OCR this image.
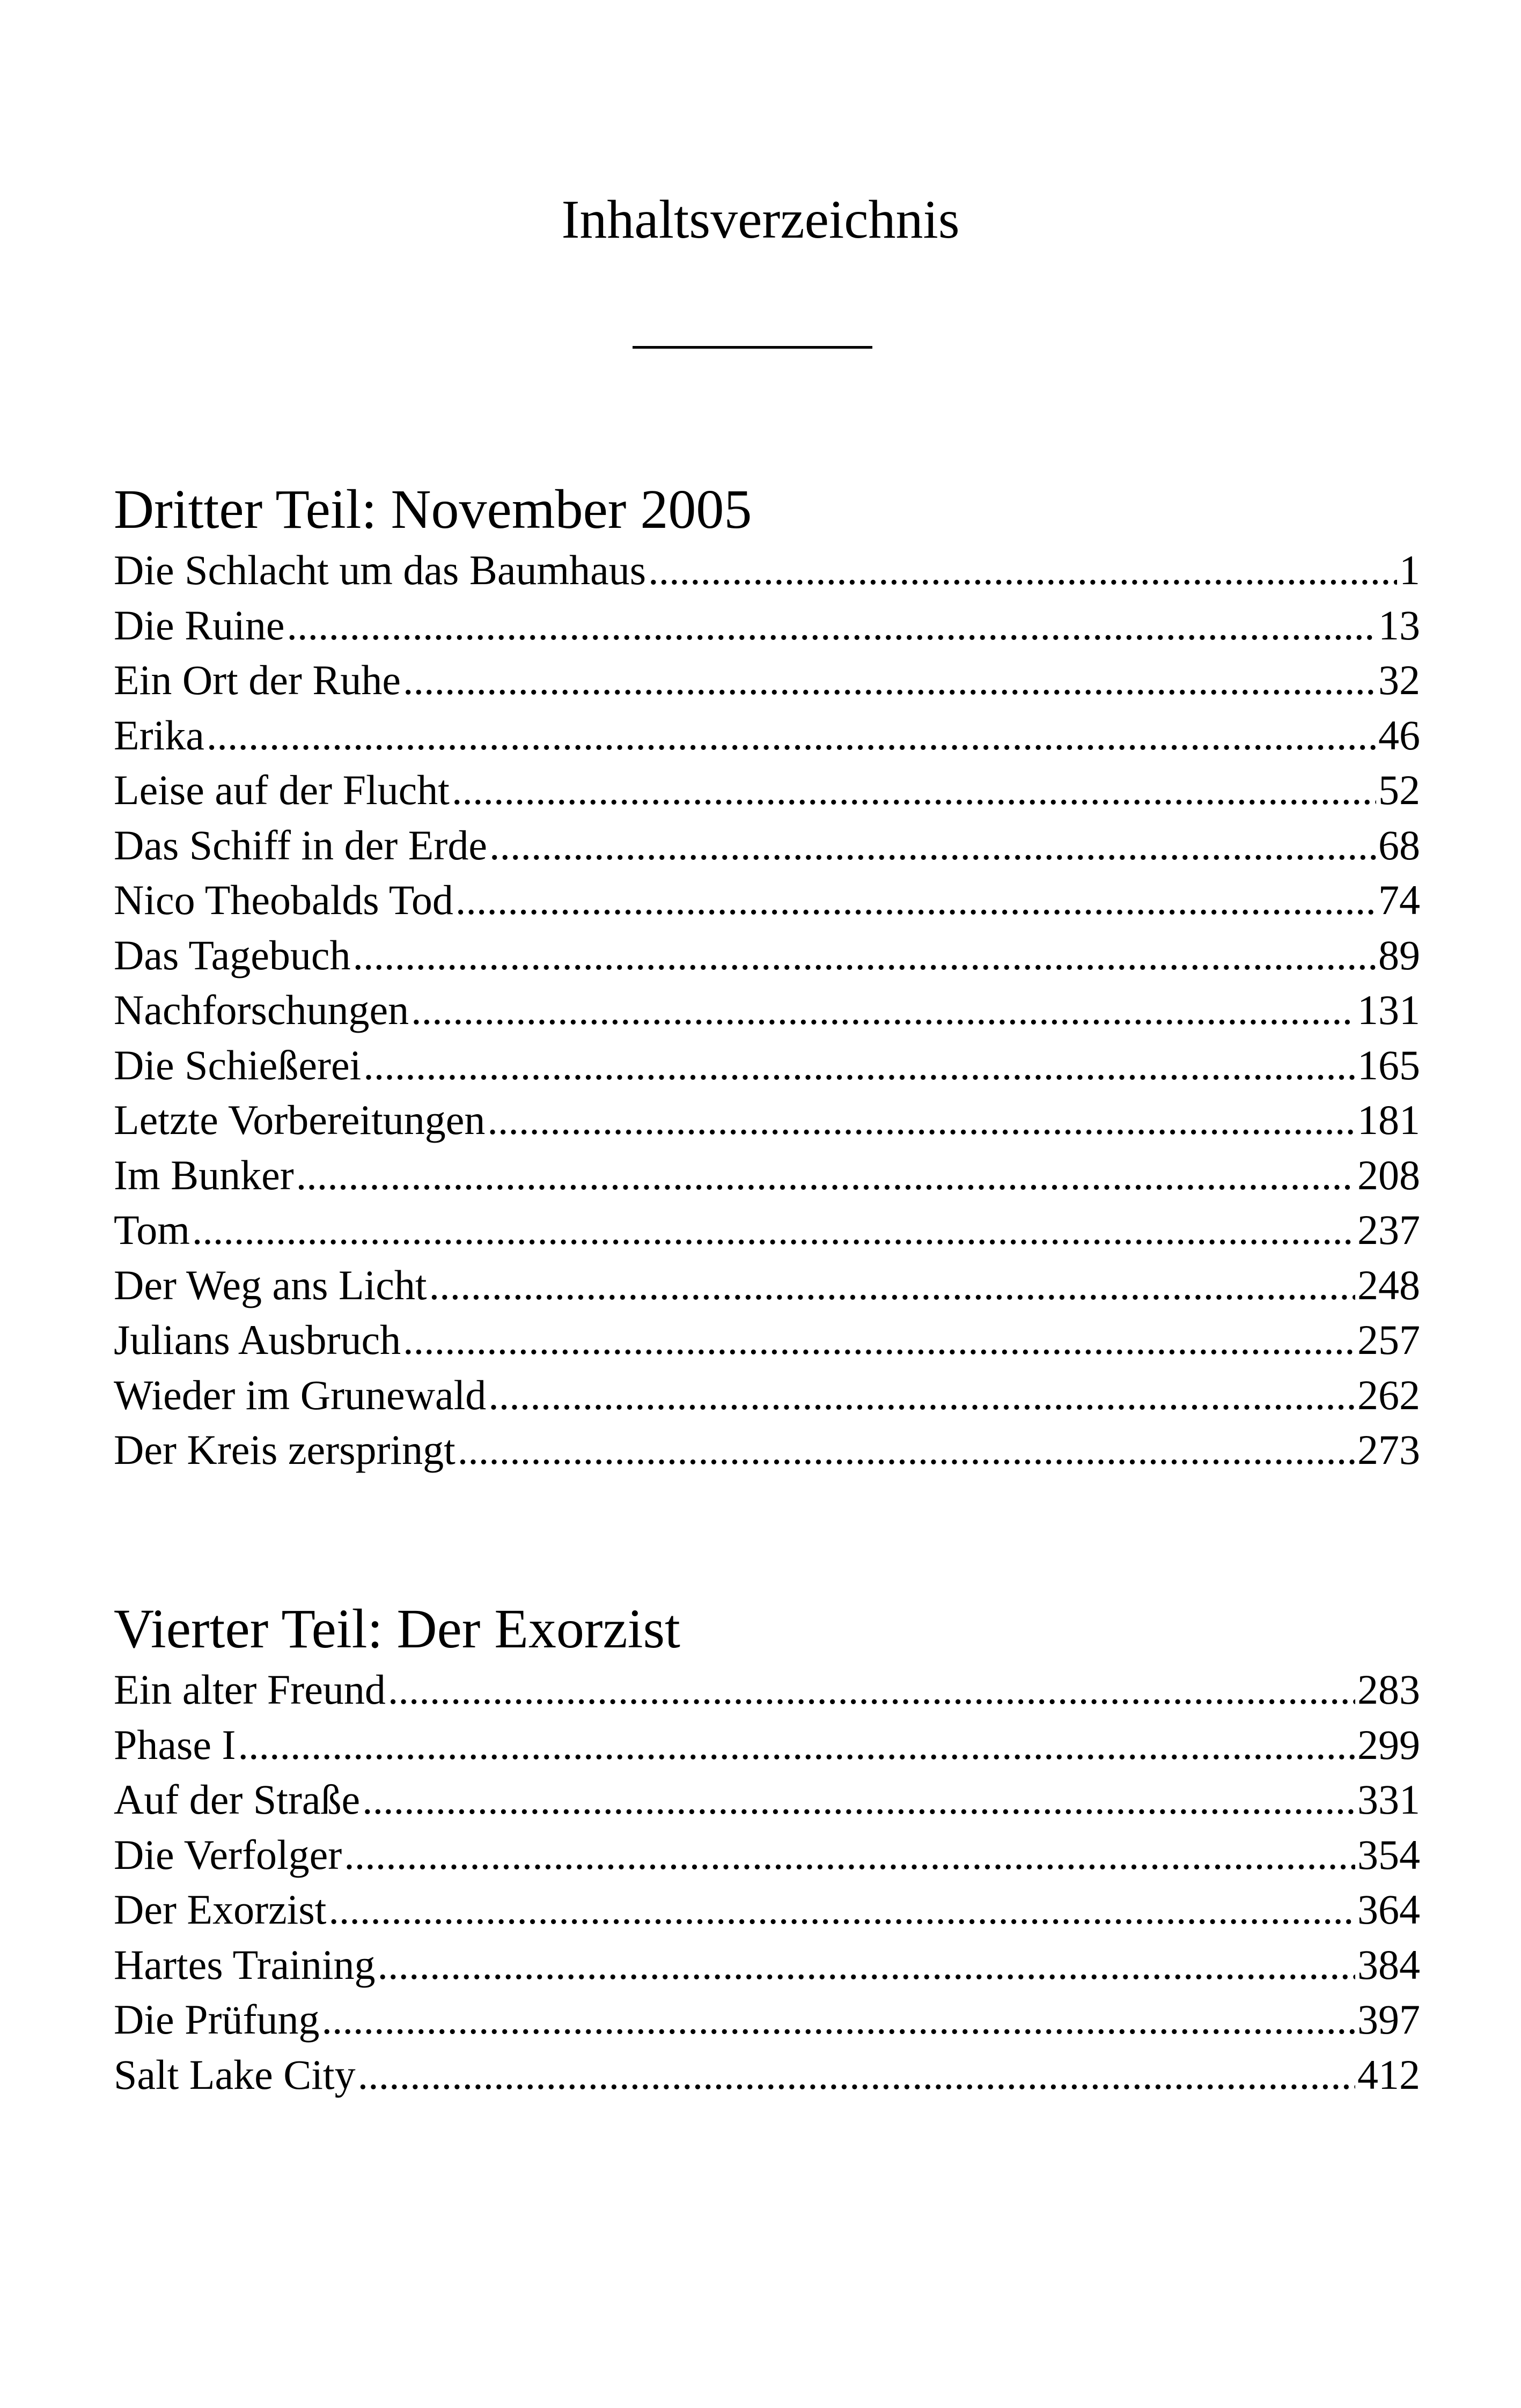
Inhaltsverzeichnis
Dritter Teil: November 2005
Die Schlacht um das Baumhaus .....	1
Die Ruine .....	13
Ein Ort der Ruhe .....	32
Erika .....	46
Leise auf der Flucht .....	52
Das Schiff in der Erde .....	68
Nico Theobalds Tod .....	74
Das Tagebuch .....	89
Nachforschungen .....	131
Die Schießerei .....	165
Letzte Vorbereitungen .....	181
Im Bunker .....	208
Tom .....	237
Der Weg ans Licht .....	248
Julians Ausbruch .....	257
Wieder im Grunewald .....	262
Der Kreis zerspringt .....	273
Vierter Teil: Der Exorzist
Ein alter Freund .....	283
Phase I .....	299
Auf der Straße .....	331
Die Verfolger .....	354
Der Exorzist .....	364
Hartes Training .....	384
Die Prüfung .....	397
Salt Lake City .....	412
